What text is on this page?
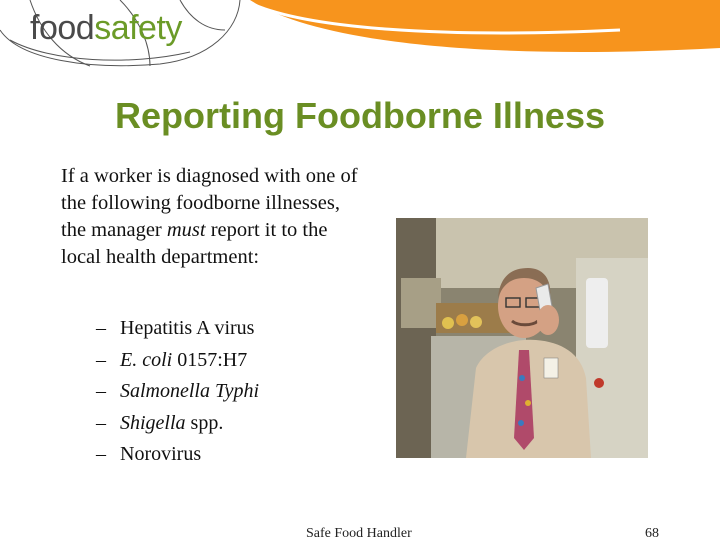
foodsafety
Reporting Foodborne Illness

If a worker is diagnosed with one of the following foodborne illnesses, the manager must report it to the local health department:

– Hepatitis A virus
– E. coli 0157:H7
– Salmonella Typhi
– Shigella spp.
– Norovirus
Safe Food Handler	68
